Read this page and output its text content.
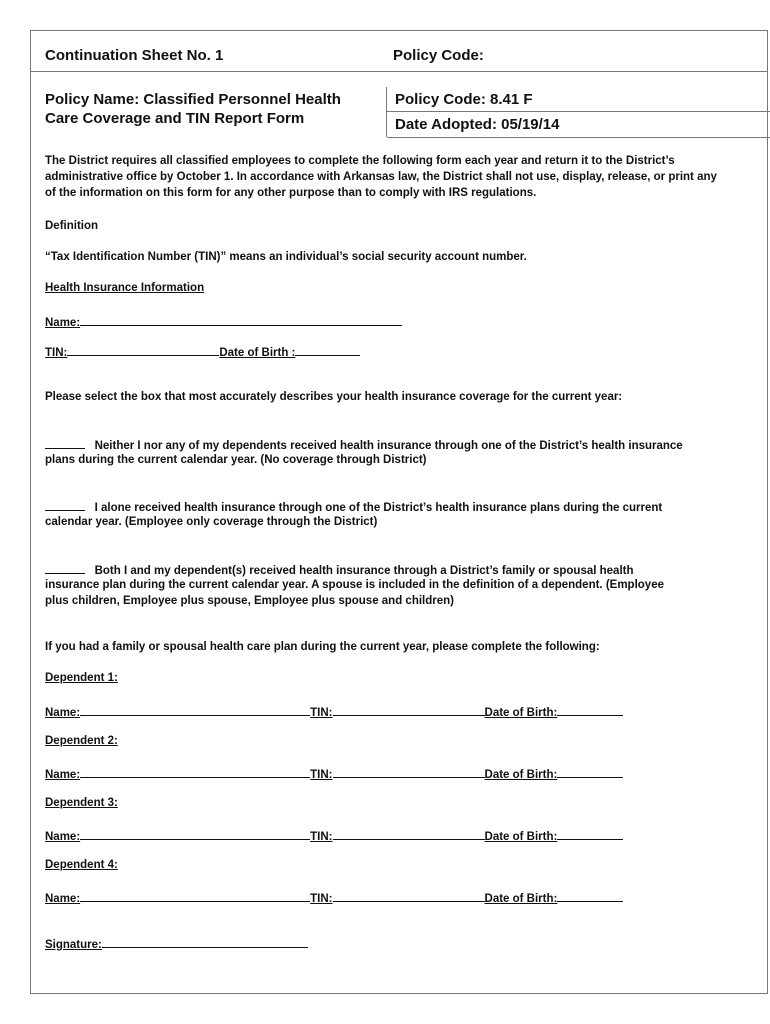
Continuation Sheet No. 1	Policy Code:
Policy Name: Classified Personnel Health
Care Coverage and TIN Report Form
Policy Code: 8.41 F
Date Adopted: 05/19/14
The District requires all classified employees to complete the following form each year and return it to the District’s administrative office by October 1. In accordance with Arkansas law, the District shall not use, display, release, or print any of the information on this form for any other purpose than to comply with IRS regulations.
Definition
“Tax Identification Number (TIN)” means an individual’s social security account number.
Health Insurance Information
Name:
TIN:	Date of Birth :
Please select the box that most accurately describes your health insurance coverage for the current year:
Neither I nor any of my dependents received health insurance through one of the District’s health insurance
plans during the current calendar year. (No coverage through District)
I alone received health insurance through one of the District’s health insurance plans during the current
calendar year. (Employee only coverage through the District)
Both I and my dependent(s) received health insurance through a District’s family or spousal health
insurance plan during the current calendar year. A spouse is included in the definition of a dependent. (Employee
plus children, Employee plus spouse, Employee plus spouse and children)
If you had a family or spousal health care plan during the current year, please complete the following:
Dependent 1:
Name:	TIN:	Date of Birth:
Dependent 2:
Name:	TIN:	Date of Birth:
Dependent 3:
Name:	TIN:	Date of Birth:
Dependent 4:
Name:	TIN:	Date of Birth:
Signature:
